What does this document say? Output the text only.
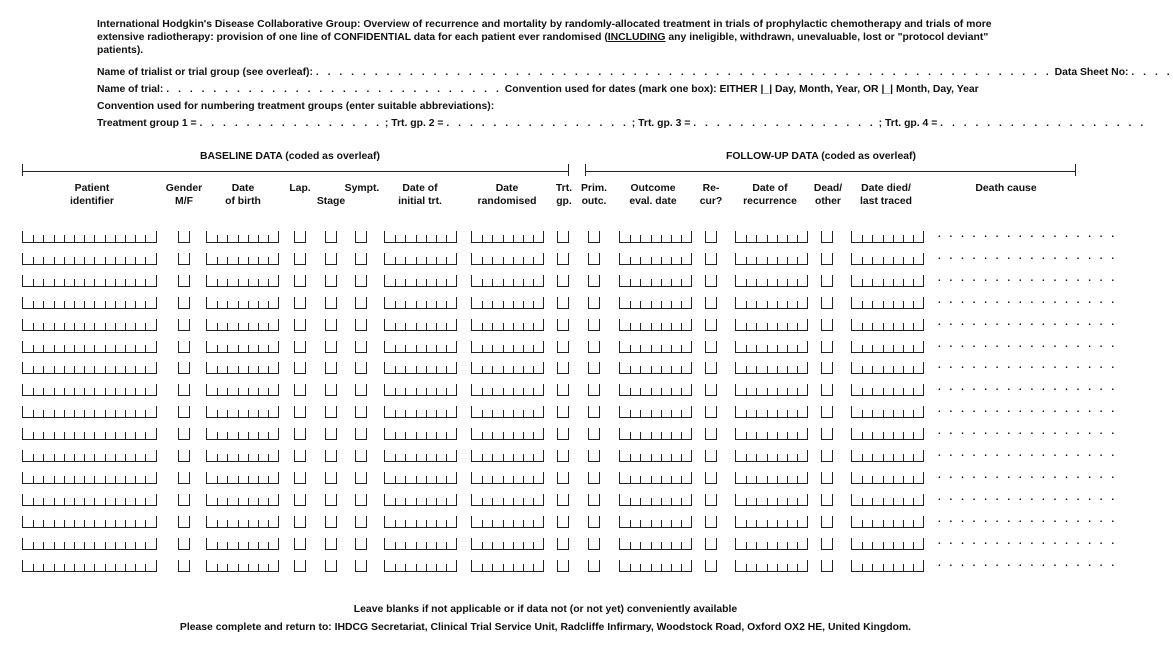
International Hodgkin's Disease Collaborative Group: Overview of recurrence and mortality by randomly-allocated treatment in trials of prophylactic chemotherapy and trials of more extensive radiotherapy: provision of one line of CONFIDENTIAL data for each patient ever randomised (INCLUDING any ineligible, withdrawn, unevaluable, lost or "protocol deviant" patients).
Name of trialist or trial group (see overleaf): . . . . . . . . . . . . . . . . . . . . . . . . . . . . . . . . . . . . . . . . . . . . . . . . . . . . . . . . . . . . . . . Data Sheet No: . . . .
Name of trial: . . . . . . . . . . . . . . . . . . . . . . . . . . . . . Convention used for dates (mark one box): EITHER |_| Day, Month, Year, OR |_| Month, Day, Year
Convention used for numbering treatment groups (enter suitable abbreviations):
Treatment group 1 = . . . . . . . . . . . . . . . . ; Trt. gp. 2 = . . . . . . . . . . . . . . . . ; Trt. gp. 3 = . . . . . . . . . . . . . . . . ; Trt. gp. 4 = . . . . . . . . . . . . . . . . . .
BASELINE DATA (coded as overleaf)	FOLLOW-UP DATA (coded as overleaf)
Patient
identifier
Gender
M/F
Date
of birth
Lap.
Stage
Sympt.	Date of
initial trt.
Date
randomised
Trt.
gp.
Prim.
outc.
Outcome
eval. date
Re-
cur?
Date of
recurrence
Dead/
other
Date died/
last traced
Death cause
. . . . . . . . . . . . . . . .
. . . . . . . . . . . . . . . .
. . . . . . . . . . . . . . . .
. . . . . . . . . . . . . . . .
. . . . . . . . . . . . . . . .
. . . . . . . . . . . . . . . .
. . . . . . . . . . . . . . . .
. . . . . . . . . . . . . . . .
. . . . . . . . . . . . . . . .
. . . . . . . . . . . . . . . .
. . . . . . . . . . . . . . . .
. . . . . . . . . . . . . . . .
. . . . . . . . . . . . . . . .
. . . . . . . . . . . . . . . .
. . . . . . . . . . . . . . . .
. . . . . . . . . . . . . . . .
Leave blanks if not applicable or if data not (or not yet) conveniently available
Please complete and return to: IHDCG Secretariat, Clinical Trial Service Unit, Radcliffe Infirmary, Woodstock Road, Oxford OX2 HE, United Kingdom.
